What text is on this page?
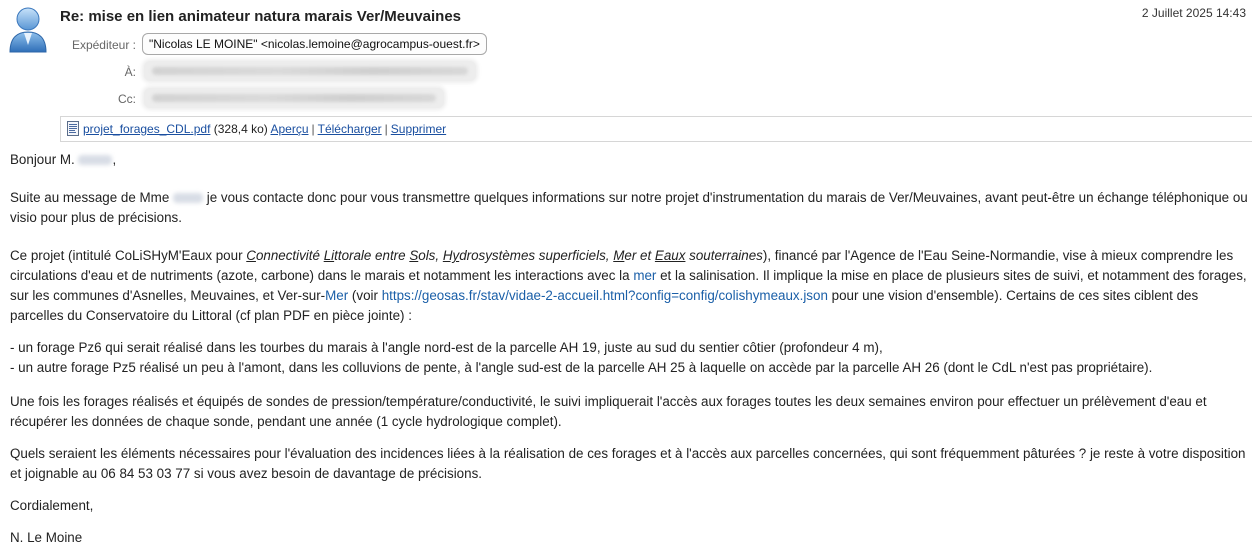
Re: mise en lien animateur natura marais Ver/Meuvaines	2 Juillet 2025 14:43
Expéditeur :	"Nicolas LE MOINE" <nicolas.lemoine@agrocampus-ouest.fr>
À:
Cc:
projet_forages_CDL.pdf (328,4 ko) Aperçu | Télécharger | Supprimer

Bonjour M.	,

Suite au message de Mme	je vous contacte donc pour vous transmettre quelques informations sur notre projet d'instrumentation du marais de Ver/Meuvaines, avant peut-être un échange téléphonique ou visio pour plus de précisions.

Ce projet (intitulé CoLiSHyM'Eaux pour Connectivité Littorale entre Sols, Hydrosystèmes superficiels, Mer et Eaux souterraines), financé par l'Agence de l'Eau Seine-Normandie, vise à mieux comprendre les circulations d'eau et de nutriments (azote, carbone) dans le marais et notamment les interactions avec la mer et la salinisation. Il implique la mise en place de plusieurs sites de suivi, et notamment des forages, sur les communes d'Asnelles, Meuvaines, et Ver-sur-Mer (voir https://geosas.fr/stav/vidae-2-accueil.html?config=config/colishymeaux.json pour une vision d'ensemble). Certains de ces sites ciblent des parcelles du Conservatoire du Littoral (cf plan PDF en pièce jointe) :

- un forage Pz6 qui serait réalisé dans les tourbes du marais à l'angle nord-est de la parcelle AH 19, juste au sud du sentier côtier (profondeur 4 m),

- un autre forage Pz5 réalisé un peu à l'amont, dans les colluvions de pente, à l'angle sud-est de la parcelle AH 25 à laquelle on accède par la parcelle AH 26 (dont le CdL n'est pas propriétaire).

Une fois les forages réalisés et équipés de sondes de pression/température/conductivité, le suivi impliquerait l'accès aux forages toutes les deux semaines environ pour effectuer un prélèvement d'eau et récupérer les données de chaque sonde, pendant une année (1 cycle hydrologique complet).

Quels seraient les éléments nécessaires pour l'évaluation des incidences liées à la réalisation de ces forages et à l'accès aux parcelles concernées, qui sont fréquemment pâturées ? je reste à votre disposition et joignable au 06 84 53 03 77 si vous avez besoin de davantage de précisions.

Cordialement,

N. Le Moine
